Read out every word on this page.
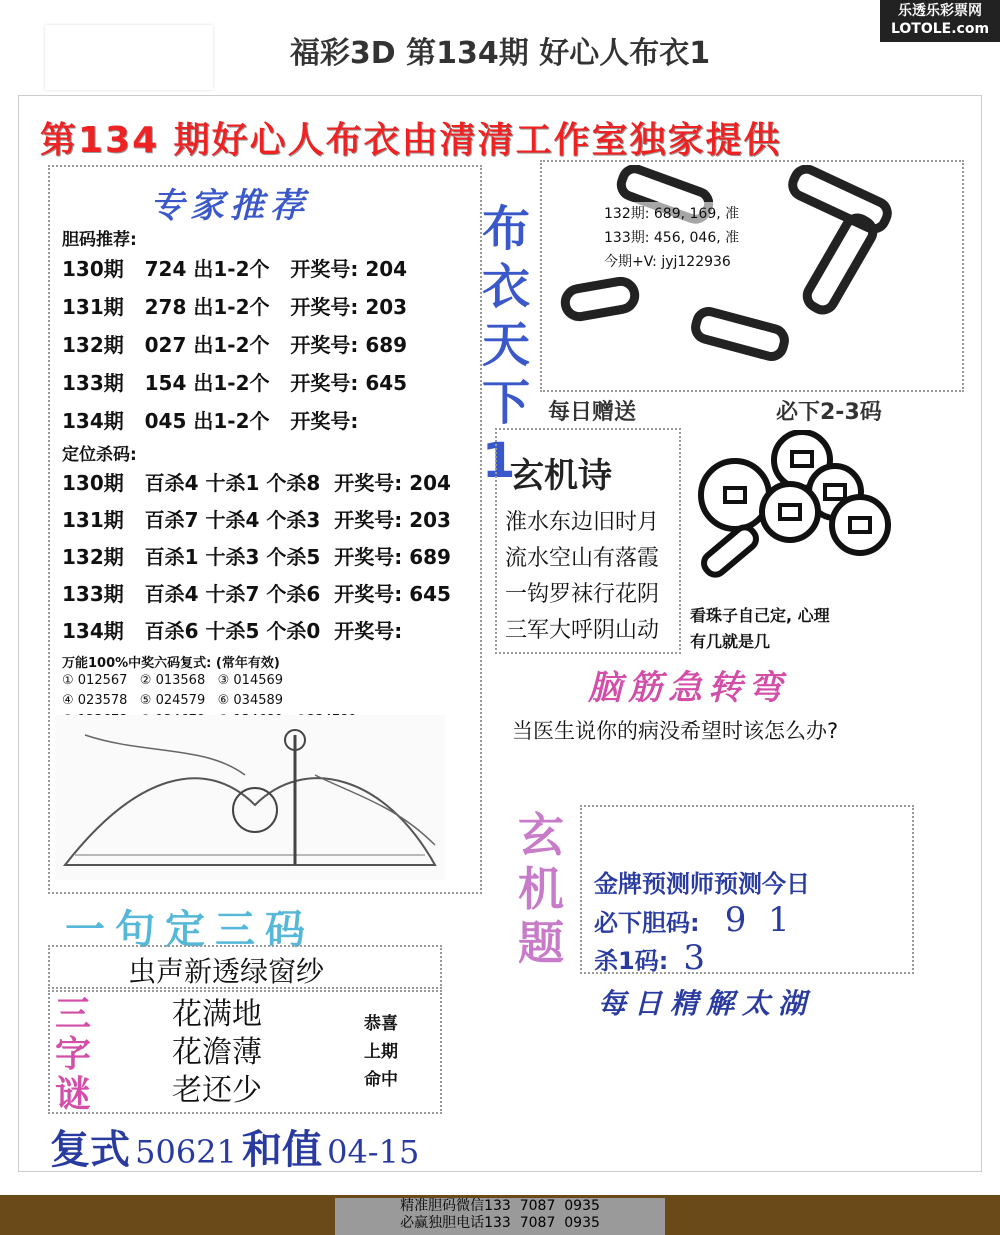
乐透乐彩票网
LOTOLE.com
福彩3D 第134期 好心人布衣1
第134 期好心人布衣由清清工作室独家提供
专家推荐
胆码推荐:
130期   724 出1-2个   开奖号: 204
131期   278 出1-2个   开奖号: 203
132期   027 出1-2个   开奖号: 689
133期   154 出1-2个   开奖号: 645
134期   045 出1-2个   开奖号:
定位杀码:
130期   百杀4 十杀1 个杀8  开奖号: 204
131期   百杀7 十杀4 个杀3  开奖号: 203
132期   百杀1 十杀3 个杀5  开奖号: 689
133期   百杀4 十杀7 个杀6  开奖号: 645
134期   百杀6 十杀5 个杀0  开奖号:
万能100%中奖六码复式: (常年有效)
① 012567   ② 013568   ③ 014569
④ 023578   ⑤ 024579   ⑥ 034589
布衣天下1
132期: 689, 169, 准
133期: 456, 046, 准
今期+V: jyj122936
每日赠送	必下2-3码
玄机诗
淮水东边旧时月
流水空山有落霞
一钩罗袜行花阴
三军大呼阴山动
看珠子自己定, 心理
有几就是几
脑筋急转弯
当医生说你的病没希望时该怎么办?
玄机题
金牌预测师预测今日
必下胆码: 9  1
杀1码: 3
每日精解太湖
一句定三码
虫声新透绿窗纱
三字谜
花满地
花澹薄
老还少
恭喜
上期
命中
复式 50621 和值 04-15
精准胆码微信133  7087  0935
必赢独胆电话133  7087  0935
